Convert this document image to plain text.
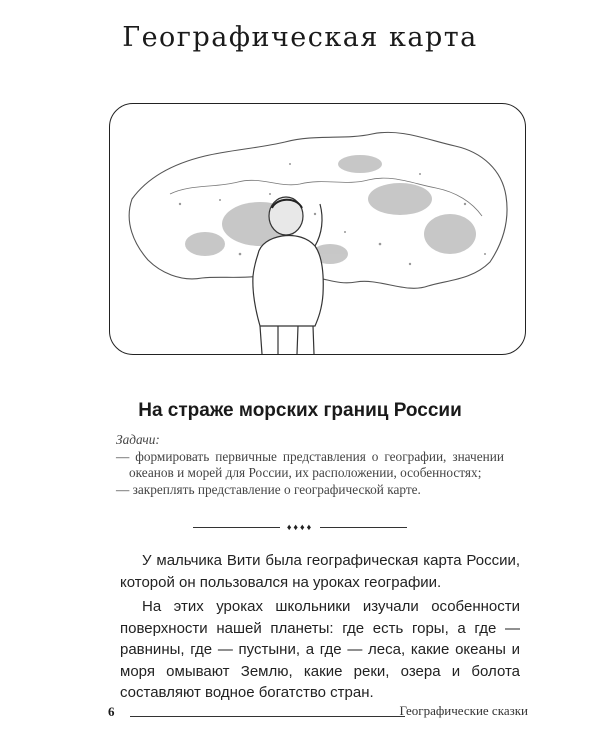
Географическая карта
На страже морских границ России
Задачи:
— формировать первичные представления о географии, значении океанов и морей для России, их расположении, особенностях;
— закреплять представление о географической карте.
♦♦♦♦

У мальчика Вити была географическая карта России, которой он пользовался на уроках географии.

На этих уроках школьники изучали особенности поверхности нашей планеты: где есть горы, а где — равнины, где — пустыни, а где — леса, какие океаны и моря омывают Землю, какие реки, озера и болота составляют водное богатство стран.

6	Географические сказки
